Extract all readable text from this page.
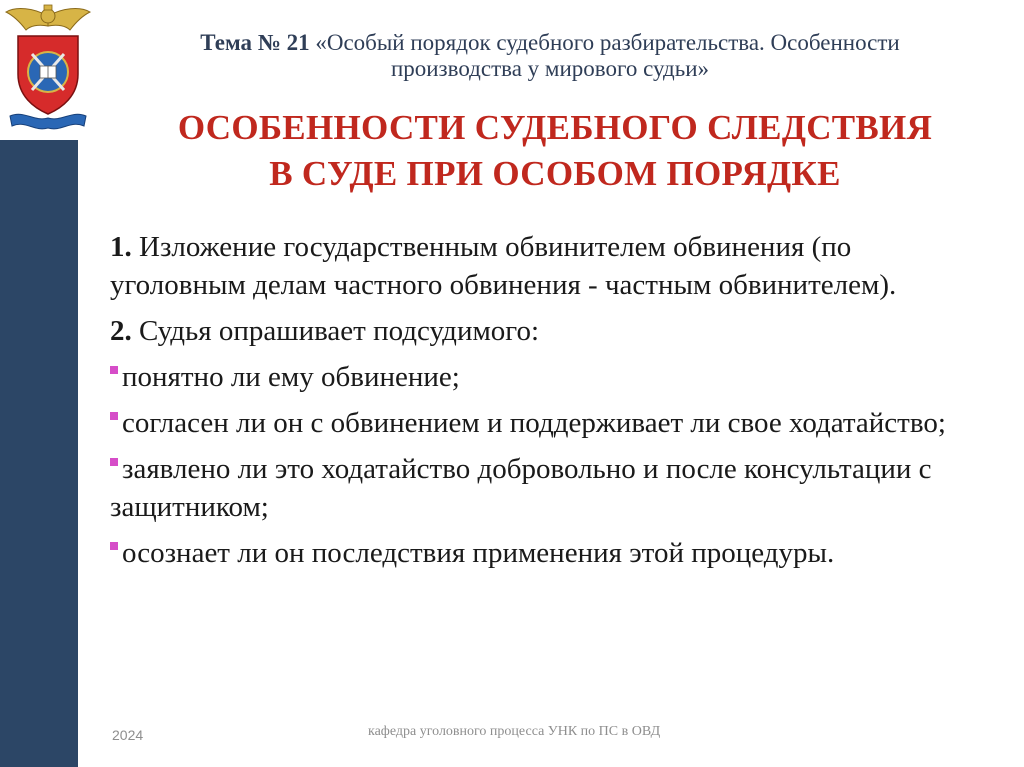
Тема № 21 «Особый порядок судебного разбирательства. Особенности
производства у мирового судьи»
ОСОБЕННОСТИ СУДЕБНОГО СЛЕДСТВИЯ
В СУДЕ ПРИ ОСОБОМ ПОРЯДКЕ

1. Изложение государственным обвинителем обвинения (по уголовным делам частного обвинения - частным обвинителем).

2. Судья опрашивает подсудимого:

понятно ли ему обвинение;

согласен ли он с обвинением и поддерживает ли свое ходатайство;

заявлено ли это ходатайство добровольно и после консультации с защитником;

осознает ли он последствия применения этой процедуры.

2024	кафедра уголовного процесса УНК по ПС в ОВД
